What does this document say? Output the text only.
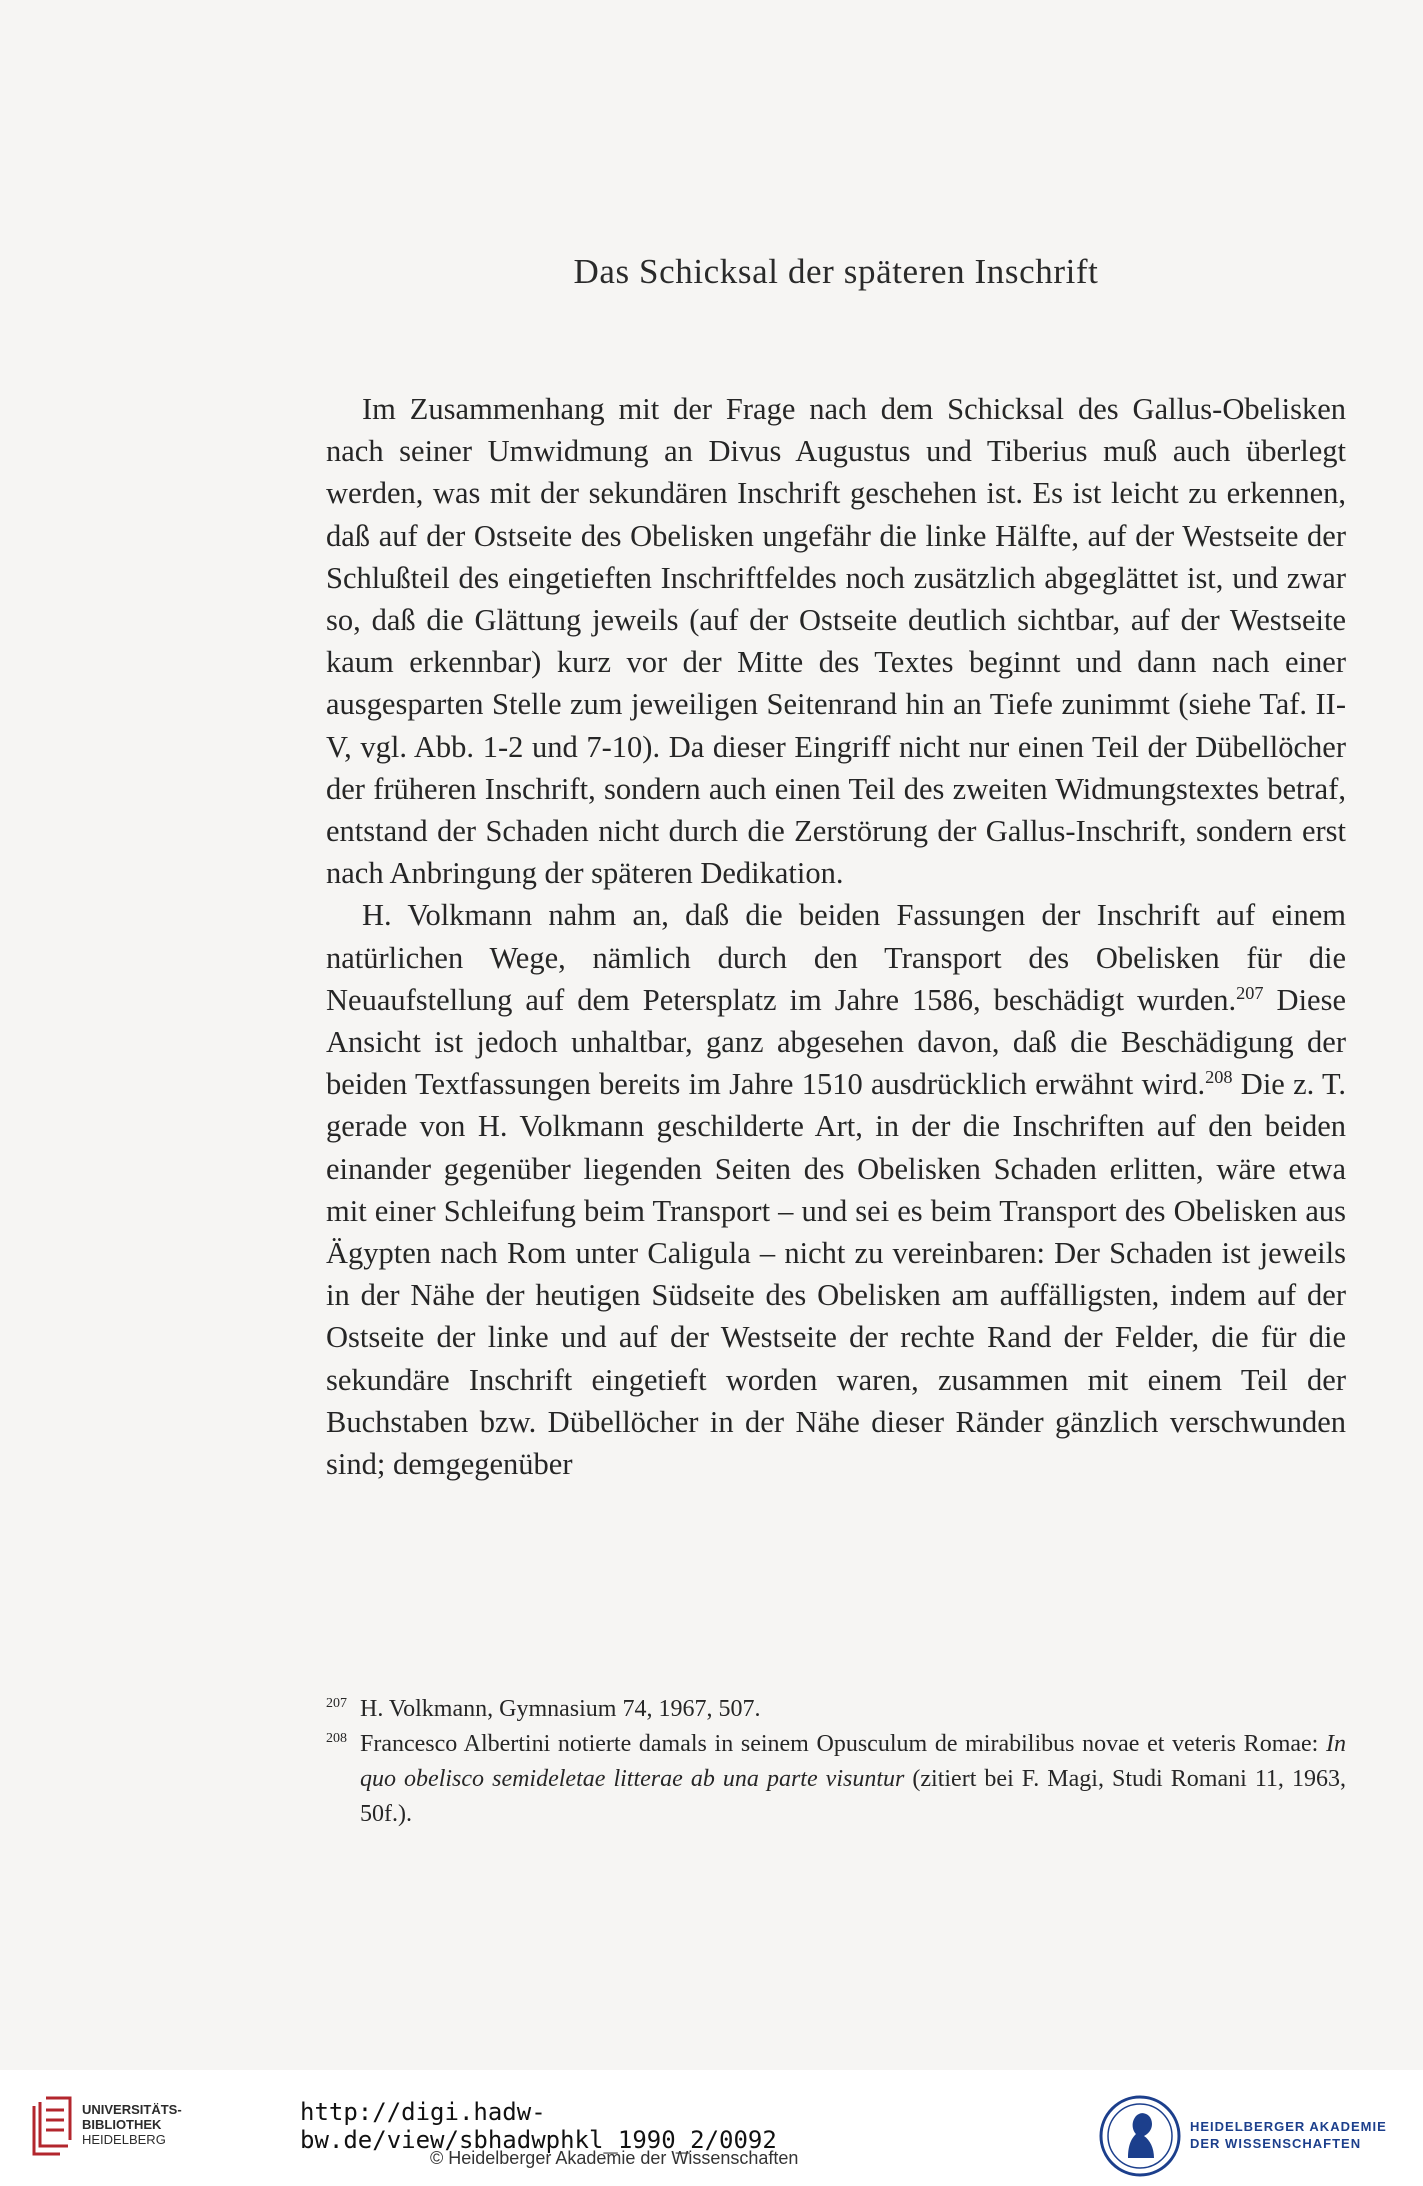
Das Schicksal der späteren Inschrift

Im Zusammenhang mit der Frage nach dem Schicksal des Gallus-Obelisken nach seiner Umwidmung an Divus Augustus und Tiberius muß auch überlegt werden, was mit der sekundären Inschrift geschehen ist. Es ist leicht zu erkennen, daß auf der Ostseite des Obelisken ungefähr die linke Hälfte, auf der Westseite der Schlußteil des eingetieften Inschriftfeldes noch zusätzlich abgeglättet ist, und zwar so, daß die Glättung jeweils (auf der Ostseite deutlich sichtbar, auf der Westseite kaum erkennbar) kurz vor der Mitte des Textes beginnt und dann nach einer ausgesparten Stelle zum jeweiligen Seitenrand hin an Tiefe zunimmt (siehe Taf. II-V, vgl. Abb. 1-2 und 7-10). Da dieser Eingriff nicht nur einen Teil der Dübellöcher der früheren Inschrift, sondern auch einen Teil des zweiten Widmungstextes betraf, entstand der Schaden nicht durch die Zerstörung der Gallus-Inschrift, sondern erst nach Anbringung der späteren Dedikation.

H. Volkmann nahm an, daß die beiden Fassungen der Inschrift auf einem natürlichen Wege, nämlich durch den Transport des Obelisken für die Neuaufstellung auf dem Petersplatz im Jahre 1586, beschädigt wurden.$^{207}$ Diese Ansicht ist jedoch unhaltbar, ganz abgesehen davon, daß die Beschädigung der beiden Textfassungen bereits im Jahre 1510 ausdrücklich erwähnt wird.$^{208}$ Die z. T. gerade von H. Volkmann geschilderte Art, in der die Inschriften auf den beiden einander gegenüber liegenden Seiten des Obelisken Schaden erlitten, wäre etwa mit einer Schleifung beim Transport – und sei es beim Transport des Obelisken aus Ägypten nach Rom unter Caligula – nicht zu vereinbaren: Der Schaden ist jeweils in der Nähe der heutigen Südseite des Obelisken am auffälligsten, indem auf der Ostseite der linke und auf der Westseite der rechte Rand der Felder, die für die sekundäre Inschrift eingetieft worden waren, zusammen mit einem Teil der Buchstaben bzw. Dübellöcher in der Nähe dieser Ränder gänzlich verschwunden sind; demgegenüber

207 H. Volkmann, Gymnasium 74, 1967, 507.
208 Francesco Albertini notierte damals in seinem Opusculum de mirabilibus novae et veteris Romae: In quo obelisco semideletae litterae ab una parte visuntur (zitiert bei F. Magi, Studi Romani 11, 1963, 50f.).
UNIVERSITÄTS-
BIBLIOTHEK
HEIDELBERG
http://digi.hadw-bw.de/view/sbhadwphkl_1990_2/0092
© Heidelberger Akademie der Wissenschaften
HEIDELBERGER AKADEMIE
DER WISSENSCHAFTEN
